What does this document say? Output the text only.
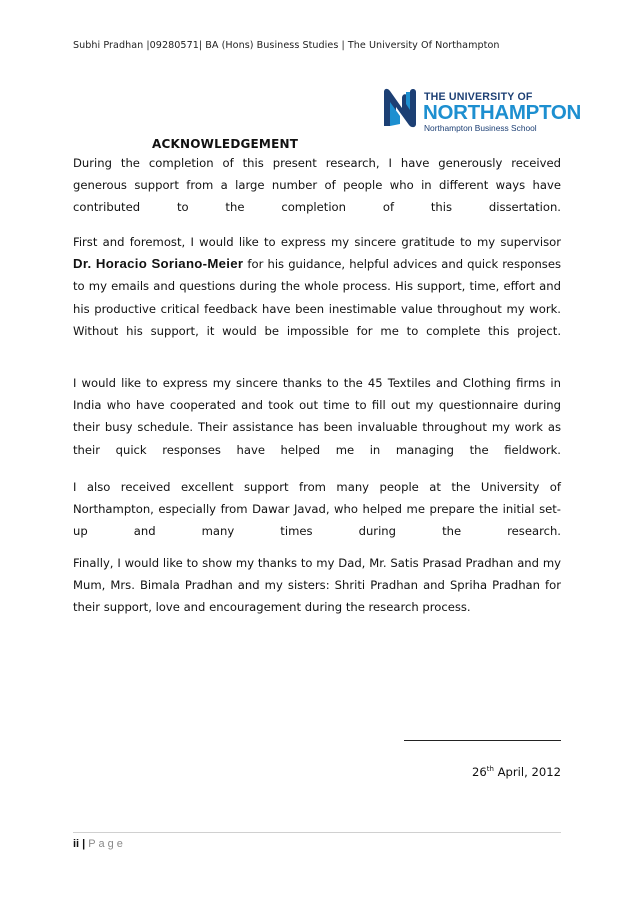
Subhi Pradhan |09280571| BA (Hons) Business Studies | The University Of Northampton
THE UNIVERSITY OF
NORTHAMPTON
Northampton Business School
ACKNOWLEDGEMENT

During the completion of this present research, I have generously received generous support from a large number of people who in different ways have contributed to the completion of this dissertation.

First and foremost, I would like to express my sincere gratitude to my supervisor Dr. Horacio Soriano-Meier for his guidance, helpful advices and quick responses to my emails and questions during the whole process. His support, time, effort and his productive critical feedback have been inestimable value throughout my work. Without his support, it would be impossible for me to complete this project.

I would like to express my sincere thanks to the 45 Textiles and Clothing firms in India who have cooperated and took out time to fill out my questionnaire during their busy schedule. Their assistance has been invaluable throughout my work as their quick responses have helped me in managing the fieldwork.

I also received excellent support from many people at the University of Northampton, especially from Dawar Javad, who helped me prepare the initial set-up and many times during the research.

Finally, I would like to show my thanks to my Dad, Mr. Satis Prasad Pradhan and my Mum, Mrs. Bimala Pradhan and my sisters: Shriti Pradhan and Spriha Pradhan for their support, love and encouragement during the research process.

26th April, 2012
ii | Page
